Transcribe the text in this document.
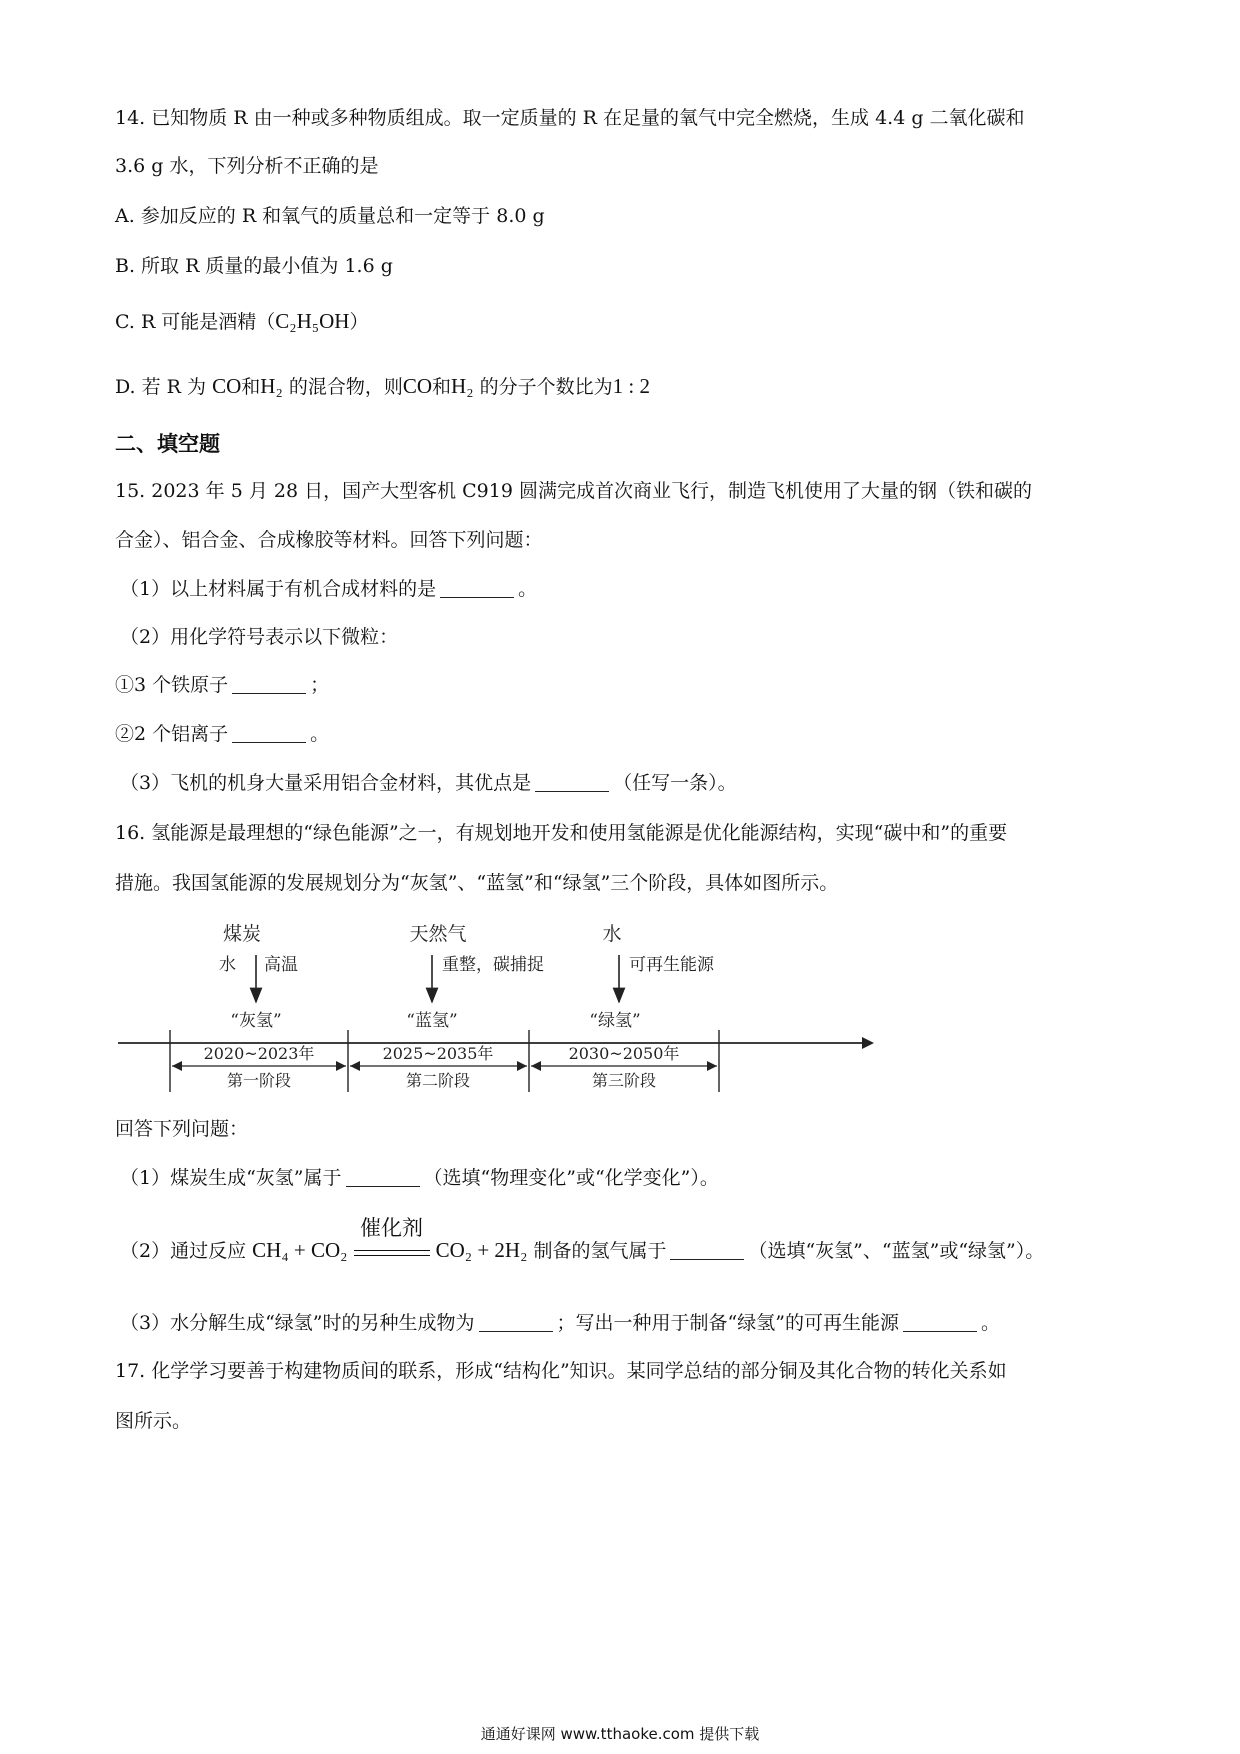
14. 已知物质 R 由一种或多种物质组成。取一定质量的 R 在足量的氧气中完全燃烧，生成 4.4 g 二氧化碳和
3.6 g 水，下列分析不正确的是
A. 参加反应的 R 和氧气的质量总和一定等于 8.0 g
B. 所取 R 质量的最小值为 1.6 g
C. R 可能是酒精（C₂H₅OH）
D. 若 R 为 CO和H₂ 的混合物，则CO和H₂ 的分子个数比为1 : 2
二、填空题
15. 2023 年 5 月 28 日，国产大型客机 C919 圆满完成首次商业飞行，制造飞机使用了大量的钢（铁和碳的
合金）、铝合金、合成橡胶等材料。回答下列问题：
（1）以上材料属于有机合成材料的是	。
（2）用化学符号表示以下微粒：
①3 个铁原子	；
②2 个铝离子	。
（3）飞机的机身大量采用铝合金材料，其优点是	（任写一条）。
16. 氢能源是最理想的“绿色能源”之一，有规划地开发和使用氢能源是优化能源结构，实现“碳中和”的重要
措施。我国氢能源的发展规划分为“灰氢”、“蓝氢”和“绿氢”三个阶段，具体如图所示。
煤炭
水 高温
“灰氢”
天然气
重整，碳捕捉
“蓝氢”
水
可再生能源
“绿氢”
2020~2023年	2025~2035年	2030~2050年
第一阶段	第二阶段	第三阶段
回答下列问题：
（1）煤炭生成“灰氢”属于	（选填“物理变化”或“化学变化”）。
（2）通过反应 CH₄ + CO₂
催化剂
CO₂ + 2H₂ 制备的氢气属于	（选填“灰氢”、“蓝氢”或“绿氢”）。
（3）水分解生成“绿氢”时的另种生成物为	；写出一种用于制备“绿氢”的可再生能源	。
17. 化学学习要善于构建物质间的联系，形成“结构化”知识。某同学总结的部分铜及其化合物的转化关系如
图所示。
通通好课网 www.tthaoke.com 提供下载
